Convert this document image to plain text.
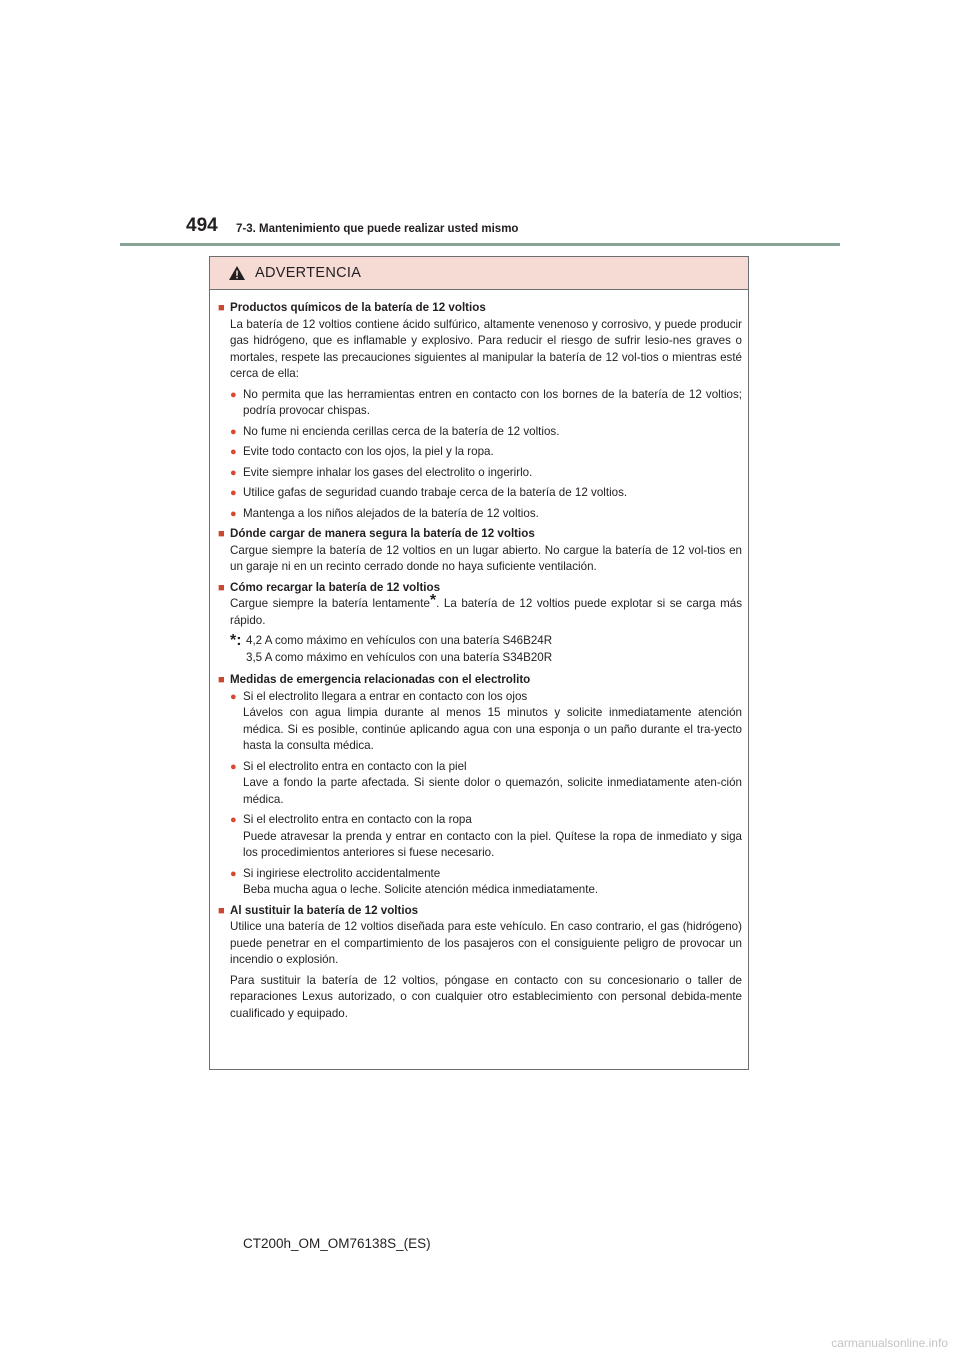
494 7-3. Mantenimiento que puede realizar usted mismo
ADVERTENCIA
■ Productos químicos de la batería de 12 voltios
La batería de 12 voltios contiene ácido sulfúrico, altamente venenoso y corrosivo, y puede producir gas hidrógeno, que es inflamable y explosivo. Para reducir el riesgo de sufrir lesio-nes graves o mortales, respete las precauciones siguientes al manipular la batería de 12 vol-tios o mientras esté cerca de ella:
● No permita que las herramientas entren en contacto con los bornes de la batería de 12 voltios; podría provocar chispas.
● No fume ni encienda cerillas cerca de la batería de 12 voltios.
● Evite todo contacto con los ojos, la piel y la ropa.
● Evite siempre inhalar los gases del electrolito o ingerirlo.
● Utilice gafas de seguridad cuando trabaje cerca de la batería de 12 voltios.
● Mantenga a los niños alejados de la batería de 12 voltios.
■ Dónde cargar de manera segura la batería de 12 voltios
Cargue siempre la batería de 12 voltios en un lugar abierto. No cargue la batería de 12 vol-tios en un garaje ni en un recinto cerrado donde no haya suficiente ventilación.
■ Cómo recargar la batería de 12 voltios
Cargue siempre la batería lentamente*. La batería de 12 voltios puede explotar si se carga más rápido.
*: 4,2 A como máximo en vehículos con una batería S46B24R
3,5 A como máximo en vehículos con una batería S34B20R
■ Medidas de emergencia relacionadas con el electrolito
● Si el electrolito llegara a entrar en contacto con los ojos
Lávelos con agua limpia durante al menos 15 minutos y solicite inmediatamente atención médica. Si es posible, continúe aplicando agua con una esponja o un paño durante el tra-yecto hasta la consulta médica.
● Si el electrolito entra en contacto con la piel
Lave a fondo la parte afectada. Si siente dolor o quemazón, solicite inmediatamente aten-ción médica.
● Si el electrolito entra en contacto con la ropa
Puede atravesar la prenda y entrar en contacto con la piel. Quítese la ropa de inmediato y siga los procedimientos anteriores si fuese necesario.
● Si ingiriese electrolito accidentalmente
Beba mucha agua o leche. Solicite atención médica inmediatamente.
■ Al sustituir la batería de 12 voltios
Utilice una batería de 12 voltios diseñada para este vehículo. En caso contrario, el gas (hidrógeno) puede penetrar en el compartimiento de los pasajeros con el consiguiente peligro de provocar un incendio o explosión.
Para sustituir la batería de 12 voltios, póngase en contacto con su concesionario o taller de reparaciones Lexus autorizado, o con cualquier otro establecimiento con personal debida-mente cualificado y equipado.
CT200h_OM_OM76138S_(ES)
carmanualsonline.info
